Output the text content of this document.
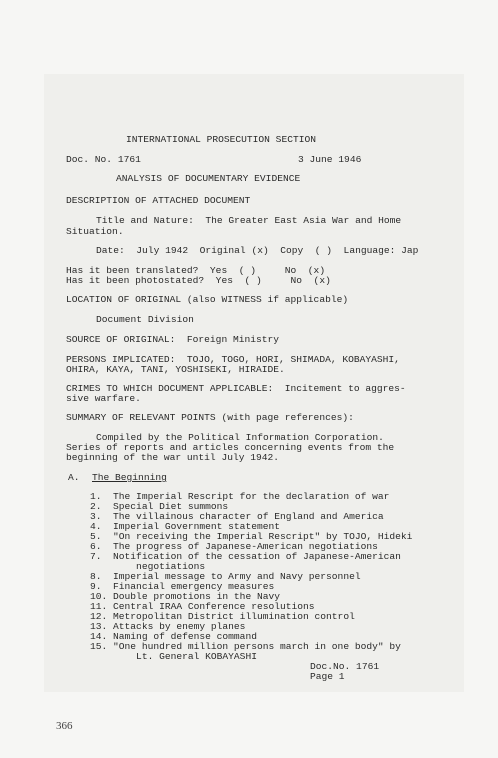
INTERNATIONAL PROSECUTION SECTION
Doc. No. 1761	3 June 1946
ANALYSIS OF DOCUMENTARY EVIDENCE
DESCRIPTION OF ATTACHED DOCUMENT
Title and Nature:  The Greater East Asia War and Home
Situation.
Date:  July 1942  Original (x)  Copy  ( )  Language: Jap
Has it been translated?  Yes  ( )     No  (x)
Has it been photostated?  Yes  ( )     No  (x)
LOCATION OF ORIGINAL (also WITNESS if applicable)
Document Division
SOURCE OF ORIGINAL:  Foreign Ministry
PERSONS IMPLICATED:  TOJO, TOGO, HORI, SHIMADA, KOBAYASHI,
OHIRA, KAYA, TANI, YOSHISEKI, HIRAIDE.
CRIMES TO WHICH DOCUMENT APPLICABLE:  Incitement to aggres-
sive warfare.
SUMMARY OF RELEVANT POINTS (with page references):
Compiled by the Political Information Corporation.
Series of reports and articles concerning events from the
beginning of the war until July 1942.
A. The Beginning
1.  The Imperial Rescript for the declaration of war
2.  Special Diet summons
3.  The villainous character of England and America
4.  Imperial Government statement
5.  "On receiving the Imperial Rescript" by TOJO, Hideki
6.  The progress of Japanese-American negotiations
7.  Notification of the cessation of Japanese-American
negotiations
8.  Imperial message to Army and Navy personnel
9.  Financial emergency measures
10. Double promotions in the Navy
11. Central IRAA Conference resolutions
12. Metropolitan District illumination control
13. Attacks by enemy planes
14. Naming of defense command
15. "One hundred million persons march in one body" by
Lt. General KOBAYASHI
Doc.No. 1761
Page 1
366
